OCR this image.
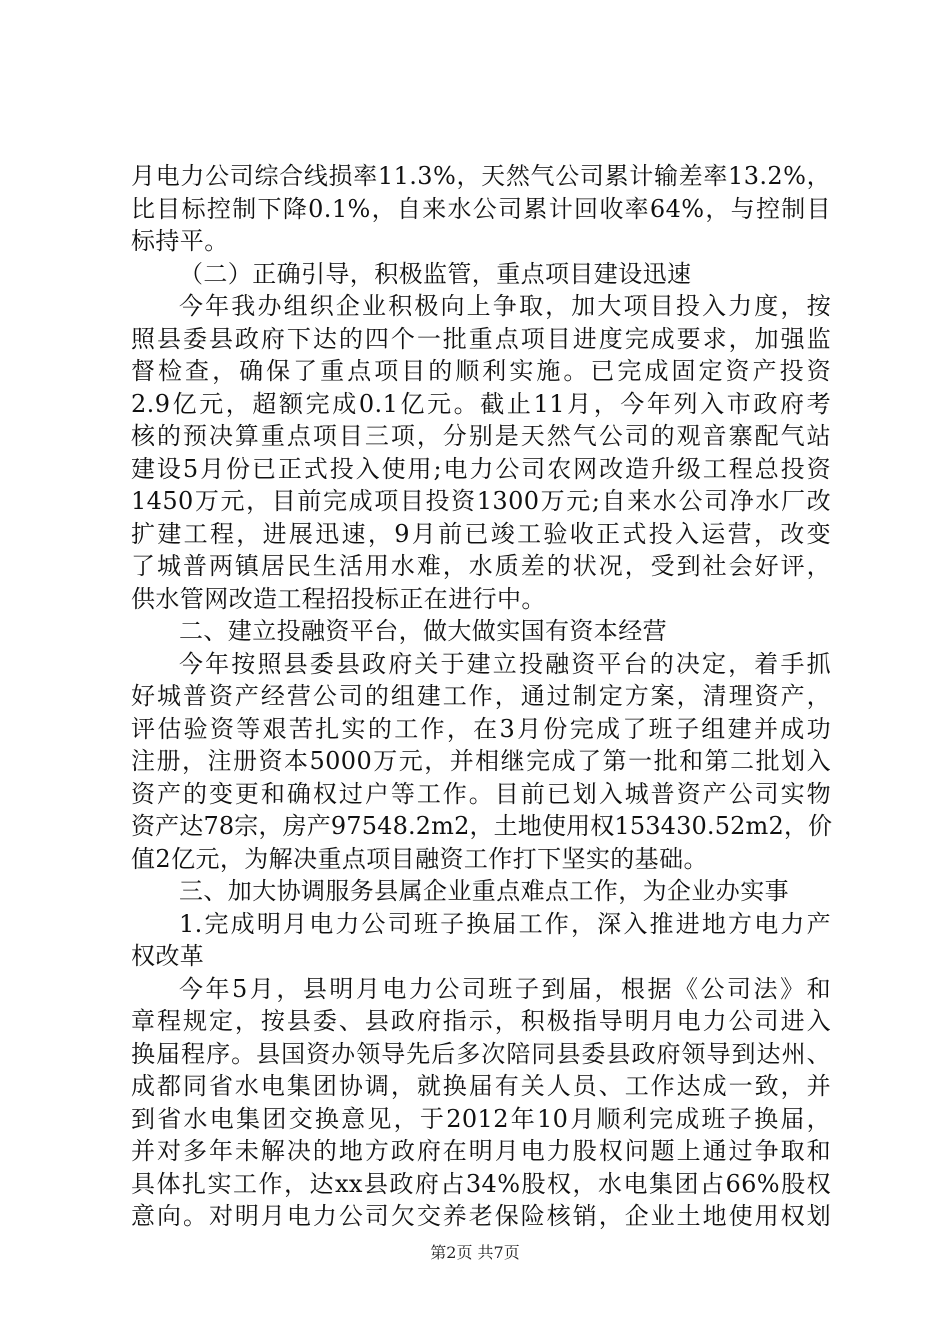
月电力公司综合线损率11.3%，天然气公司累计输差率13.2%，
比目标控制下降0.1%，自来水公司累计回收率64%，与控制目
标持平。
（二）正确引导，积极监管，重点项目建设迅速
今年我办组织企业积极向上争取，加大项目投入力度，按
照县委县政府下达的四个一批重点项目进度完成要求，加强监
督检查，确保了重点项目的顺利实施。已完成固定资产投资
2.9亿元，超额完成0.1亿元。截止11月，今年列入市政府考
核的预决算重点项目三项，分别是天然气公司的观音寨配气站
建设5月份已正式投入使用;电力公司农网改造升级工程总投资
1450万元，目前完成项目投资1300万元;自来水公司净水厂改
扩建工程，进展迅速，9月前已竣工验收正式投入运营，改变
了城普两镇居民生活用水难，水质差的状况，受到社会好评，
供水管网改造工程招投标正在进行中。
二、建立投融资平台，做大做实国有资本经营
今年按照县委县政府关于建立投融资平台的决定，着手抓
好城普资产经营公司的组建工作，通过制定方案，清理资产，
评估验资等艰苦扎实的工作，在3月份完成了班子组建并成功
注册，注册资本5000万元，并相继完成了第一批和第二批划入
资产的变更和确权过户等工作。目前已划入城普资产公司实物
资产达78宗，房产97548.2m2，土地使用权153430.52m2，价
值2亿元，为解决重点项目融资工作打下坚实的基础。
三、加大协调服务县属企业重点难点工作，为企业办实事
1.完成明月电力公司班子换届工作，深入推进地方电力产
权改革
今年5月，县明月电力公司班子到届，根据《公司法》和
章程规定，按县委、县政府指示，积极指导明月电力公司进入
换届程序。县国资办领导先后多次陪同县委县政府领导到达州、
成都同省水电集团协调，就换届有关人员、工作达成一致，并
到省水电集团交换意见，于2012年10月顺利完成班子换届，
并对多年未解决的地方政府在明月电力股权问题上通过争取和
具体扎实工作，达xx县政府占34%股权，水电集团占66%股权
意向。对明月电力公司欠交养老保险核销，企业土地使用权划
第2页 共7页
